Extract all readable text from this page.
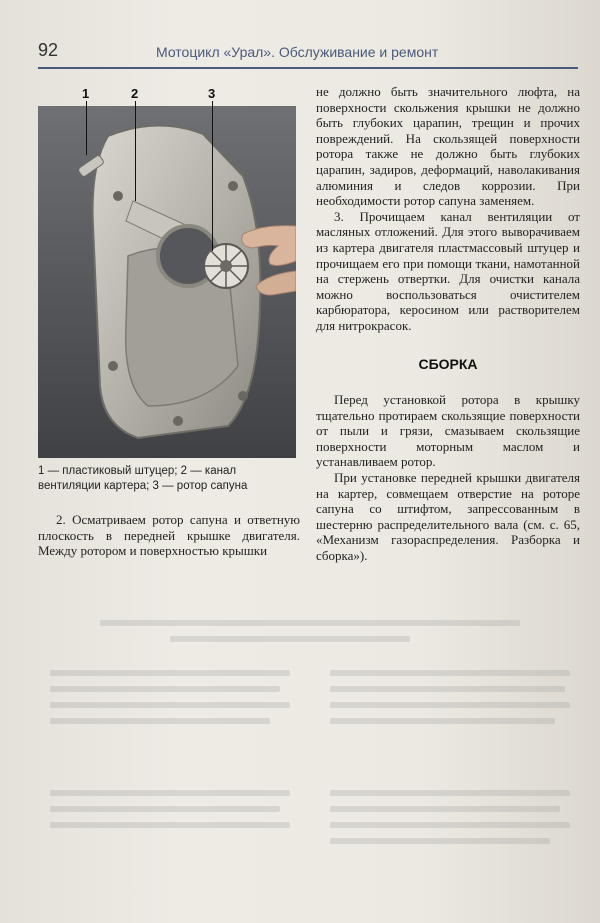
92	Мотоцикл «Урал». Обслуживание и ремонт
1	2	3
1 — пластиковый штуцер; 2 — канал вентиляции картера; 3 — ротор сапуна

2. Осматриваем ротор сапуна и ответную плоскость в передней крышке двигателя. Между ротором и поверхностью крышки

не должно быть значительного люфта, на поверхности скольжения крышки не должно быть глубоких царапин, трещин и прочих повреждений. На скользящей поверхности ротора также не должно быть глубоких царапин, задиров, деформаций, наволакивания алюминия и следов коррозии. При необходимости ротор сапуна заменяем.

3. Прочищаем канал вентиляции от масляных отложений. Для этого выворачиваем из картера двигателя пластмассовый штуцер и прочищаем его при помощи ткани, намотанной на стержень отвертки. Для очистки канала можно воспользоваться очистителем карбюратора, керосином или растворителем для нитрокрасок.

СБОРКА

Перед установкой ротора в крышку тщательно протираем скользящие поверхности от пыли и грязи, смазываем скользящие поверхности моторным маслом и устанавливаем ротор.

При установке передней крышки двигателя на картер, совмещаем отверстие на роторе сапуна со штифтом, запрессованным в шестерню распределительного вала (см. с. 65, «Механизм газораспределения. Разборка и сборка»).
